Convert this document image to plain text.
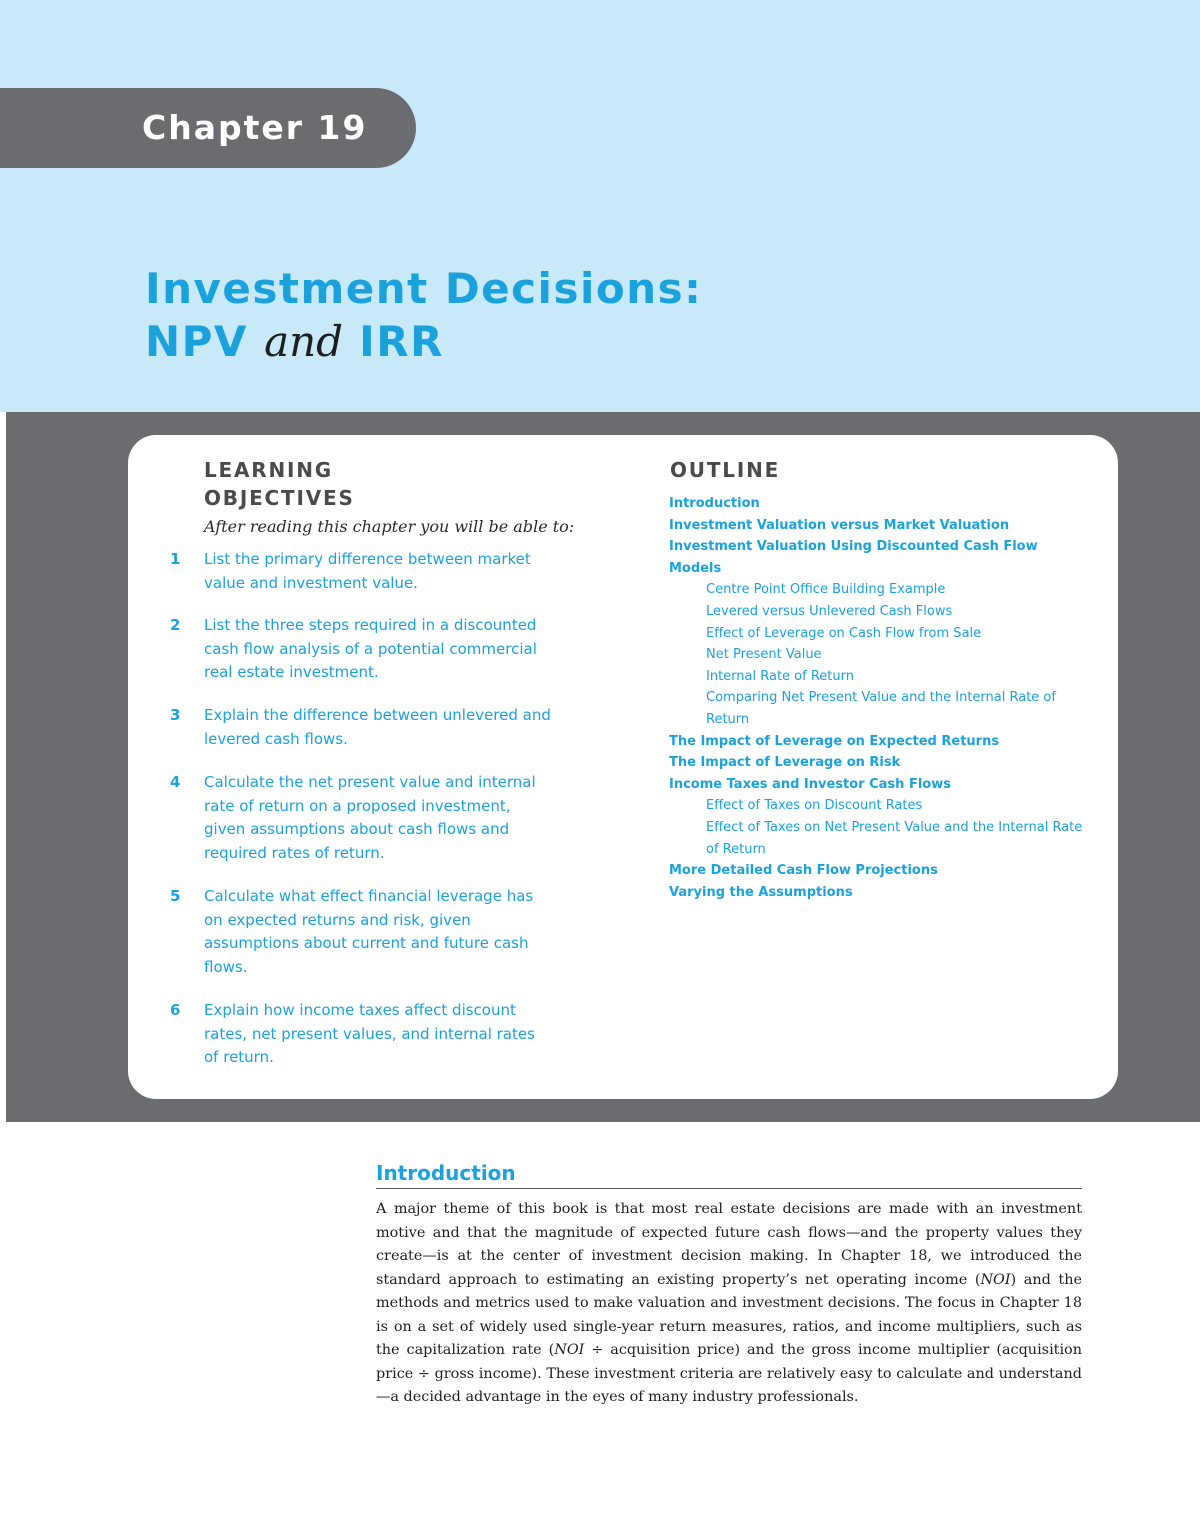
Chapter 19
Investment Decisions:
NPV and IRR
LEARNING
OBJECTIVES
After reading this chapter you will be able to:
1 List the primary difference between market value and investment value.
2 List the three steps required in a discounted cash flow analysis of a potential commercial real estate investment.
3 Explain the difference between unlevered and levered cash flows.
4 Calculate the net present value and internal rate of return on a proposed investment, given assumptions about cash flows and required rates of return.
5 Calculate what effect financial leverage has on expected returns and risk, given assumptions about current and future cash flows.
6 Explain how income taxes affect discount rates, net present values, and internal rates of return.
OUTLINE
Introduction
Investment Valuation versus Market Valuation
Investment Valuation Using Discounted Cash Flow Models
Centre Point Office Building Example
Levered versus Unlevered Cash Flows
Effect of Leverage on Cash Flow from Sale
Net Present Value
Internal Rate of Return
Comparing Net Present Value and the Internal Rate of Return
The Impact of Leverage on Expected Returns
The Impact of Leverage on Risk
Income Taxes and Investor Cash Flows
Effect of Taxes on Discount Rates
Effect of Taxes on Net Present Value and the Internal Rate of Return
More Detailed Cash Flow Projections
Varying the Assumptions
Introduction

A major theme of this book is that most real estate decisions are made with an investment motive and that the magnitude of expected future cash flows—and the property values they create—is at the center of investment decision making. In Chapter 18, we introduced the standard approach to estimating an existing property’s net operating income (NOI) and the methods and metrics used to make valuation and investment decisions. The focus in Chapter 18 is on a set of widely used single-year return measures, ratios, and income multipliers, such as the capitalization rate (NOI ÷ acquisition price) and the gross income multiplier (acquisition price ÷ gross income). These investment criteria are relatively easy to calculate and understand—a decided advantage in the eyes of many industry professionals.
